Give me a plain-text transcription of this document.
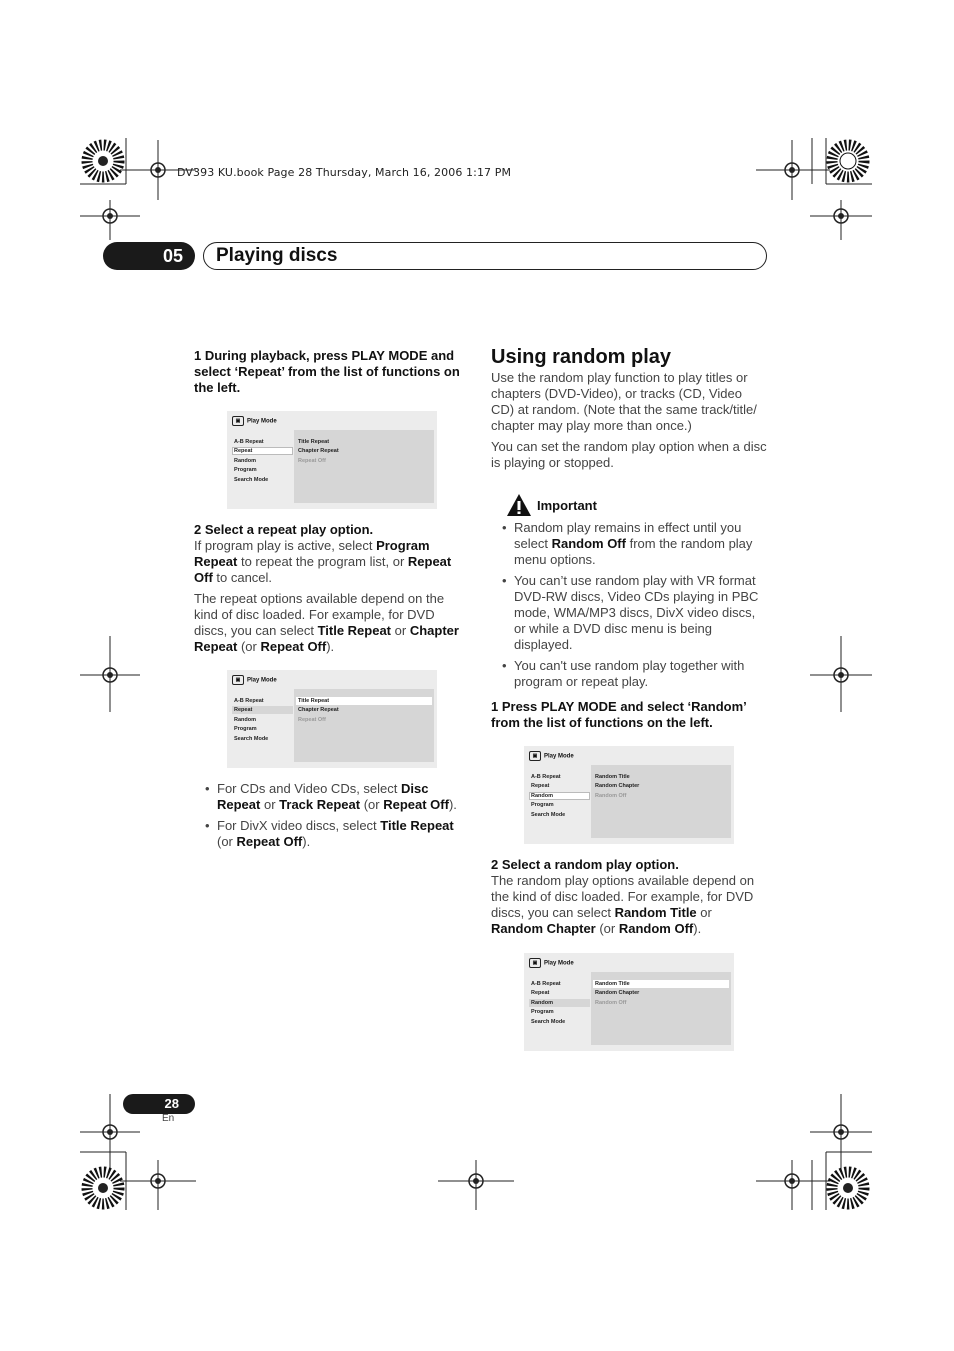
DV393 KU.book Page 28 Thursday, March 16, 2006 1:17 PM
05	Playing discs
1 During playback, press PLAY MODE and select ‘Repeat’ from the list of functions on the left.
▣ Play Mode
A-B Repeat
Repeat
Random
Program
Search Mode
Title Repeat
Chapter Repeat
Repeat Off
2 Select a repeat play option.
If program play is active, select Program Repeat to repeat the program list, or Repeat Off to cancel.
The repeat options available depend on the kind of disc loaded. For example, for DVD discs, you can select Title Repeat or Chapter Repeat (or Repeat Off).
▣ Play Mode
A-B Repeat
Repeat
Random
Program
Search Mode
Title Repeat
Chapter Repeat
Repeat Off
• For CDs and Video CDs, select Disc Repeat or Track Repeat (or Repeat Off).
• For DivX video discs, select Title Repeat (or Repeat Off).
Using random play
Use the random play function to play titles or chapters (DVD-Video), or tracks (CD, Video CD) at random. (Note that the same track/title/ chapter may play more than once.)
You can set the random play option when a disc is playing or stopped.
Important
• Random play remains in effect until you select Random Off from the random play menu options.
• You can’t use random play with VR format DVD-RW discs, Video CDs playing in PBC mode, WMA/MP3 discs, DivX video discs, or while a DVD disc menu is being displayed.
• You can't use random play together with program or repeat play.
1 Press PLAY MODE and select ‘Random’ from the list of functions on the left.
▣ Play Mode
A-B Repeat
Repeat
Random
Program
Search Mode
Random Title
Random Chapter
Random Off
2 Select a random play option.
The random play options available depend on the kind of disc loaded. For example, for DVD discs, you can select Random Title or Random Chapter (or Random Off).
▣ Play Mode
A-B Repeat
Repeat
Random
Program
Search Mode
Random Title
Random Chapter
Random Off
28
En
